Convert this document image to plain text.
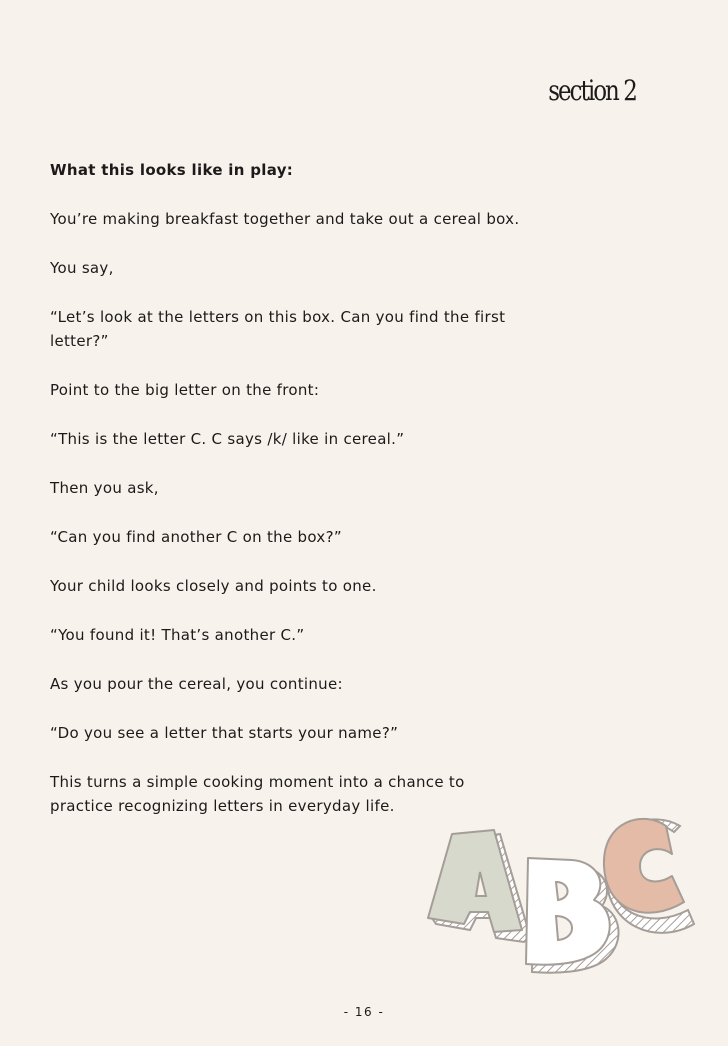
section 2

What this looks like in play:

You’re making breakfast together and take out a cereal box.

You say,

“Let’s look at the letters on this box. Can you find the first letter?”

Point to the big letter on the front:

“This is the letter C. C says /k/ like in cereal.”

Then you ask,

“Can you find another C on the box?”

Your child looks closely and points to one.

“You found it! That’s another C.”

As you pour the cereal, you continue:

“Do you see a letter that starts your name?”

This turns a simple cooking moment into a chance to practice recognizing letters in everyday life.

- 16 -
